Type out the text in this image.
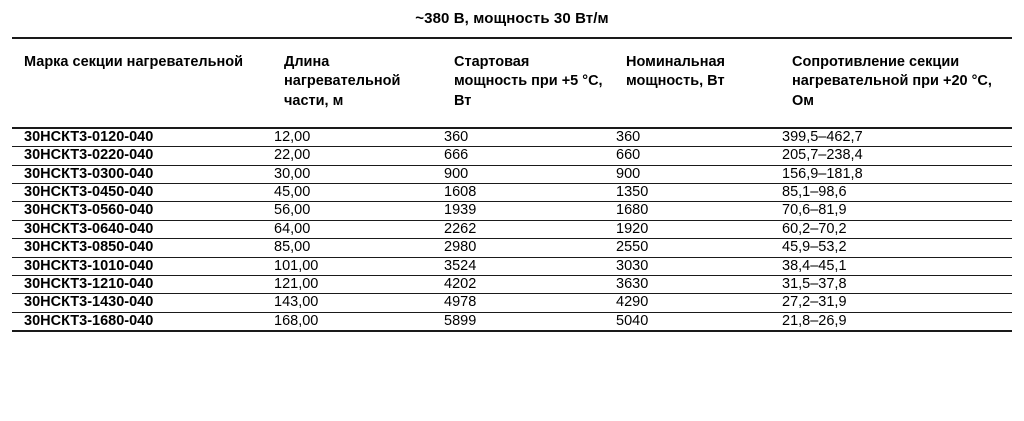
~380 В, мощность 30 Вт/м
Марка секции нагревательной	Длина нагревательной части, м	Стартовая мощность при +5 °С, Вт	Номинальная мощность, Вт	Сопротивление секции нагревательной при +20 °С, Ом
30НСКТ3-0120-040	12,00	360	360	399,5–462,7
30НСКТ3-0220-040	22,00	666	660	205,7–238,4
30НСКТ3-0300-040	30,00	900	900	156,9–181,8
30НСКТ3-0450-040	45,00	1608	1350	85,1–98,6
30НСКТ3-0560-040	56,00	1939	1680	70,6–81,9
30НСКТ3-0640-040	64,00	2262	1920	60,2–70,2
30НСКТ3-0850-040	85,00	2980	2550	45,9–53,2
30НСКТ3-1010-040	101,00	3524	3030	38,4–45,1
30НСКТ3-1210-040	121,00	4202	3630	31,5–37,8
30НСКТ3-1430-040	143,00	4978	4290	27,2–31,9
30НСКТ3-1680-040	168,00	5899	5040	21,8–26,9
